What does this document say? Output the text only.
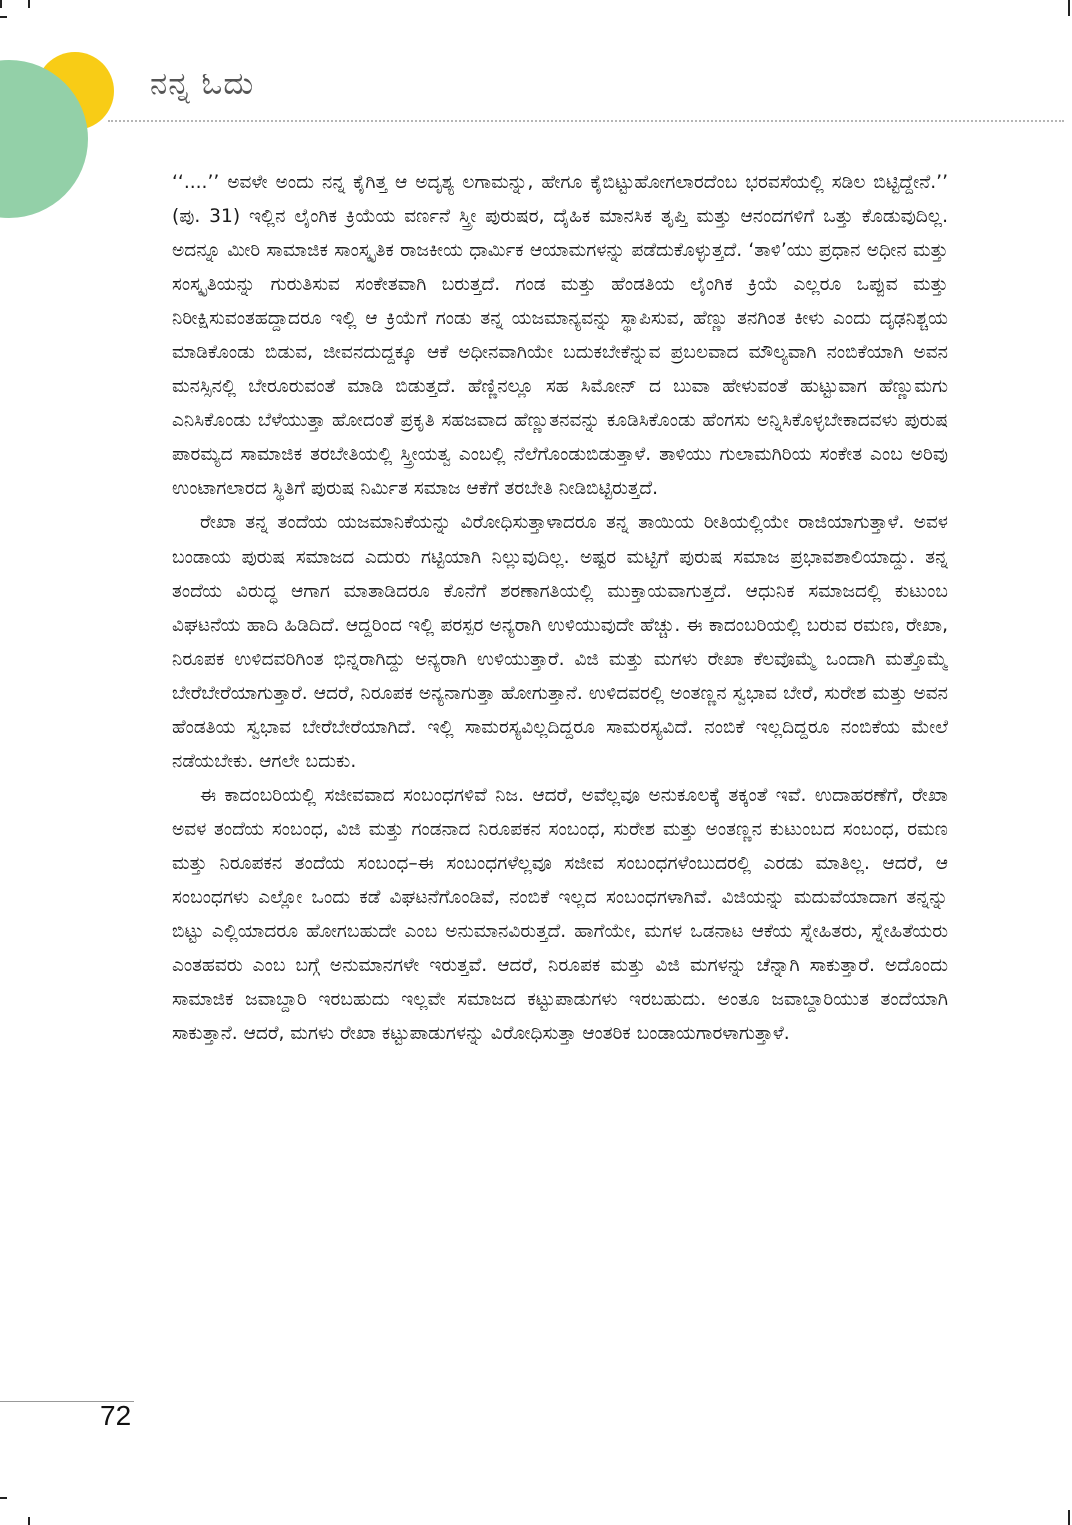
ನನ್ನ ಓದು

‘‘....’’ ಅವಳೇ ಅಂದು ನನ್ನ ಕೈಗಿತ್ತ ಆ ಅದೃಶ್ಯ ಲಗಾಮನ್ನು, ಹೇಗೂ ಕೈಬಿಟ್ಟುಹೋಗಲಾರದೆಂಬ ಭರವಸೆಯಲ್ಲಿ ಸಡಿಲ ಬಿಟ್ಟಿದ್ದೇನೆ.’’ (ಪು. 31) ಇಲ್ಲಿನ ಲೈಂಗಿಕ ಕ್ರಿಯೆಯ ವರ್ಣನೆ ಸ್ತ್ರೀ ಪುರುಷರ, ದೈಹಿಕ ಮಾನಸಿಕ ತೃಪ್ತಿ ಮತ್ತು ಆನಂದಗಳಿಗೆ ಒತ್ತು ಕೊಡುವುದಿಲ್ಲ. ಅದನ್ನೂ ಮೀರಿ ಸಾಮಾಜಿಕ ಸಾಂಸ್ಕೃತಿಕ ರಾಜಕೀಯ ಧಾರ್ಮಿಕ ಆಯಾಮಗಳನ್ನು ಪಡೆದುಕೊಳ್ಳುತ್ತದೆ. ‘ತಾಳಿ’ಯು ಪ್ರಧಾನ ಅಧೀನ ಮತ್ತು ಸಂಸ್ಕೃತಿಯನ್ನು ಗುರುತಿಸುವ ಸಂಕೇತವಾಗಿ ಬರುತ್ತದೆ. ಗಂಡ ಮತ್ತು ಹೆಂಡತಿಯ ಲೈಂಗಿಕ ಕ್ರಿಯೆ ಎಲ್ಲರೂ ಒಪ್ಪುವ ಮತ್ತು ನಿರೀಕ್ಷಿಸುವಂತಹದ್ದಾದರೂ ಇಲ್ಲಿ ಆ ಕ್ರಿಯೆಗೆ ಗಂಡು ತನ್ನ ಯಜಮಾನ್ಯವನ್ನು ಸ್ಥಾಪಿಸುವ, ಹೆಣ್ಣು ತನಗಿಂತ ಕೀಳು ಎಂದು ದೃಢನಿಶ್ಚಯ ಮಾಡಿಕೊಂಡು ಬಿಡುವ, ಜೀವನದುದ್ದಕ್ಕೂ ಆಕೆ ಅಧೀನವಾಗಿಯೇ ಬದುಕಬೇಕೆನ್ನುವ ಪ್ರಬಲವಾದ ಮೌಲ್ಯವಾಗಿ ನಂಬಿಕೆಯಾಗಿ ಅವನ ಮನಸ್ಸಿನಲ್ಲಿ ಬೇರೂರುವಂತೆ ಮಾಡಿ ಬಿಡುತ್ತದೆ. ಹೆಣ್ಣಿನಲ್ಲೂ ಸಹ ಸಿಮೋನ್ ದ ಬುವಾ ಹೇಳುವಂತೆ ಹುಟ್ಟುವಾಗ ಹೆಣ್ಣುಮಗು ಎನಿಸಿಕೊಂಡು ಬೆಳೆಯುತ್ತಾ ಹೋದಂತೆ ಪ್ರಕೃತಿ ಸಹಜವಾದ ಹೆಣ್ಣುತನವನ್ನು ಕೂಡಿಸಿಕೊಂಡು ಹೆಂಗಸು ಅನ್ನಿಸಿಕೊಳ್ಳಬೇಕಾದವಳು ಪುರುಷ ಪಾರಮ್ಯದ ಸಾಮಾಜಿಕ ತರಬೇತಿಯಲ್ಲಿ ಸ್ತ್ರೀಯತ್ವ ಎಂಬಲ್ಲಿ ನೆಲೆಗೊಂಡುಬಿಡುತ್ತಾಳೆ. ತಾಳಿಯು ಗುಲಾಮಗಿರಿಯ ಸಂಕೇತ ಎಂಬ ಅರಿವು ಉಂಟಾಗಲಾರದ ಸ್ಥಿತಿಗೆ ಪುರುಷ ನಿರ್ಮಿತ ಸಮಾಜ ಆಕೆಗೆ ತರಬೇತಿ ನೀಡಿಬಿಟ್ಟಿರುತ್ತದೆ.

ರೇಖಾ ತನ್ನ ತಂದೆಯ ಯಜಮಾನಿಕೆಯನ್ನು ವಿರೋಧಿಸುತ್ತಾಳಾದರೂ ತನ್ನ ತಾಯಿಯ ರೀತಿಯಲ್ಲಿಯೇ ರಾಜಿಯಾಗುತ್ತಾಳೆ. ಅವಳ ಬಂಡಾಯ ಪುರುಷ ಸಮಾಜದ ಎದುರು ಗಟ್ಟಿಯಾಗಿ ನಿಲ್ಲುವುದಿಲ್ಲ. ಅಷ್ಟರ ಮಟ್ಟಿಗೆ ಪುರುಷ ಸಮಾಜ ಪ್ರಭಾವಶಾಲಿಯಾದ್ದು. ತನ್ನ ತಂದೆಯ ವಿರುದ್ಧ ಆಗಾಗ ಮಾತಾಡಿದರೂ ಕೊನೆಗೆ ಶರಣಾಗತಿಯಲ್ಲಿ ಮುಕ್ತಾಯವಾಗುತ್ತದೆ. ಆಧುನಿಕ ಸಮಾಜದಲ್ಲಿ ಕುಟುಂಬ ವಿಘಟನೆಯ ಹಾದಿ ಹಿಡಿದಿದೆ. ಆದ್ದರಿಂದ ಇಲ್ಲಿ ಪರಸ್ಪರ ಅನ್ಯರಾಗಿ ಉಳಿಯುವುದೇ ಹೆಚ್ಚು. ಈ ಕಾದಂಬರಿಯಲ್ಲಿ ಬರುವ ರಮಣ, ರೇಖಾ, ನಿರೂಪಕ ಉಳಿದವರಿಗಿಂತ ಭಿನ್ನರಾಗಿದ್ದು ಅನ್ಯರಾಗಿ ಉಳಿಯುತ್ತಾರೆ. ವಿಜಿ ಮತ್ತು ಮಗಳು ರೇಖಾ ಕೆಲವೊಮ್ಮೆ ಒಂದಾಗಿ ಮತ್ತೊಮ್ಮೆ ಬೇರೆಬೇರೆಯಾಗುತ್ತಾರೆ. ಆದರೆ, ನಿರೂಪಕ ಅನ್ಯನಾಗುತ್ತಾ ಹೋಗುತ್ತಾನೆ. ಉಳಿದವರಲ್ಲಿ ಅಂತಣ್ಣನ ಸ್ವಭಾವ ಬೇರೆ, ಸುರೇಶ ಮತ್ತು ಅವನ ಹೆಂಡತಿಯ ಸ್ವಭಾವ ಬೇರೆಬೇರೆಯಾಗಿದೆ. ಇಲ್ಲಿ ಸಾಮರಸ್ಯವಿಲ್ಲದಿದ್ದರೂ ಸಾಮರಸ್ಯವಿದೆ. ನಂಬಿಕೆ ಇಲ್ಲದಿದ್ದರೂ ನಂಬಿಕೆಯ ಮೇಲೆ ನಡೆಯಬೇಕು. ಆಗಲೇ ಬದುಕು.

ಈ ಕಾದಂಬರಿಯಲ್ಲಿ ಸಜೀವವಾದ ಸಂಬಂಧಗಳಿವೆ ನಿಜ. ಆದರೆ, ಅವೆಲ್ಲವೂ ಅನುಕೂಲಕ್ಕೆ ತಕ್ಕಂತೆ ಇವೆ. ಉದಾಹರಣೆಗೆ, ರೇಖಾ ಅವಳ ತಂದೆಯ ಸಂಬಂಧ, ವಿಜಿ ಮತ್ತು ಗಂಡನಾದ ನಿರೂಪಕನ ಸಂಬಂಧ, ಸುರೇಶ ಮತ್ತು ಅಂತಣ್ಣನ ಕುಟುಂಬದ ಸಂಬಂಧ, ರಮಣ ಮತ್ತು ನಿರೂಪಕನ ತಂದೆಯ ಸಂಬಂಧ–ಈ ಸಂಬಂಧಗಳೆಲ್ಲವೂ ಸಜೀವ ಸಂಬಂಧಗಳೆಂಬುದರಲ್ಲಿ ಎರಡು ಮಾತಿಲ್ಲ. ಆದರೆ, ಆ ಸಂಬಂಧಗಳು ಎಲ್ಲೋ ಒಂದು ಕಡೆ ವಿಘಟನೆಗೊಂಡಿವೆ, ನಂಬಿಕೆ ಇಲ್ಲದ ಸಂಬಂಧಗಳಾಗಿವೆ. ವಿಜಿಯನ್ನು ಮದುವೆಯಾದಾಗ ತನ್ನನ್ನು ಬಿಟ್ಟು ಎಲ್ಲಿಯಾದರೂ ಹೋಗಬಹುದೇ ಎಂಬ ಅನುಮಾನವಿರುತ್ತದೆ. ಹಾಗೆಯೇ, ಮಗಳ ಒಡನಾಟ ಆಕೆಯ ಸ್ನೇಹಿತರು, ಸ್ನೇಹಿತೆಯರು ಎಂತಹವರು ಎಂಬ ಬಗ್ಗೆ ಅನುಮಾನಗಳೇ ಇರುತ್ತವೆ. ಆದರೆ, ನಿರೂಪಕ ಮತ್ತು ವಿಜಿ ಮಗಳನ್ನು ಚೆನ್ನಾಗಿ ಸಾಕುತ್ತಾರೆ. ಅದೊಂದು ಸಾಮಾಜಿಕ ಜವಾಬ್ದಾರಿ ಇರಬಹುದು ಇಲ್ಲವೇ ಸಮಾಜದ ಕಟ್ಟುಪಾಡುಗಳು ಇರಬಹುದು. ಅಂತೂ ಜವಾಬ್ದಾರಿಯುತ ತಂದೆಯಾಗಿ ಸಾಕುತ್ತಾನೆ. ಆದರೆ, ಮಗಳು ರೇಖಾ ಕಟ್ಟುಪಾಡುಗಳನ್ನು ವಿರೋಧಿಸುತ್ತಾ ಆಂತರಿಕ ಬಂಡಾಯಗಾರಳಾಗುತ್ತಾಳೆ.

72
